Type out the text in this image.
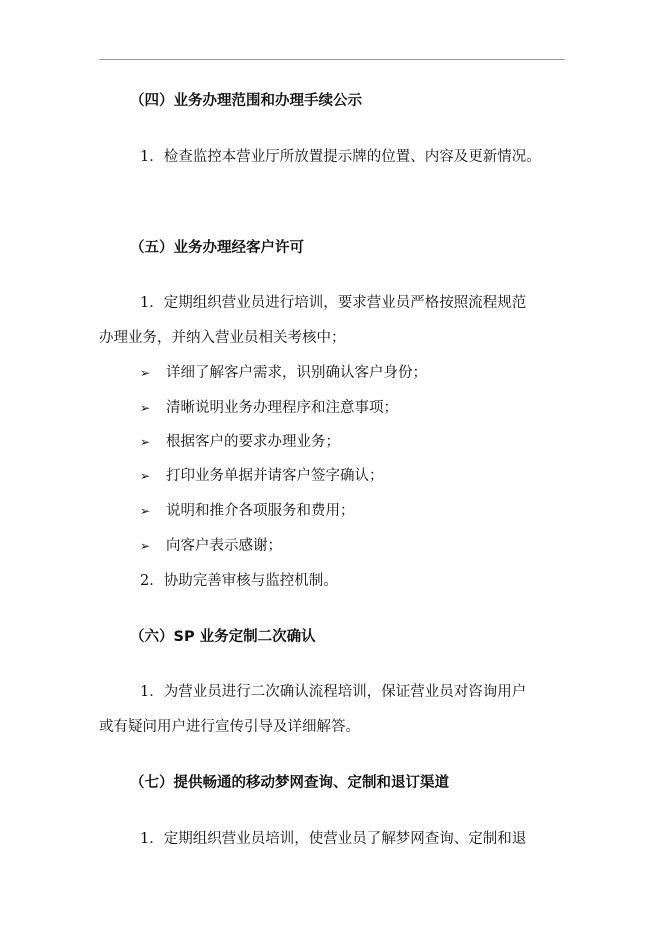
（四）业务办理范围和办理手续公示
1．检查监控本营业厅所放置提示牌的位置、内容及更新情况。
（五）业务办理经客户许可
1．定期组织营业员进行培训，要求营业员严格按照流程规范
办理业务，并纳入营业员相关考核中；
➢ 详细了解客户需求，识别确认客户身份；
➢ 清晰说明业务办理程序和注意事项；
➢ 根据客户的要求办理业务；
➢ 打印业务单据并请客户签字确认；
➢ 说明和推介各项服务和费用；
➢ 向客户表示感谢；
2．协助完善审核与监控机制。
（六）SP 业务定制二次确认
1．为营业员进行二次确认流程培训，保证营业员对咨询用户
或有疑问用户进行宣传引导及详细解答。
（七）提供畅通的移动梦网查询、定制和退订渠道
1．定期组织营业员培训，使营业员了解梦网查询、定制和退
